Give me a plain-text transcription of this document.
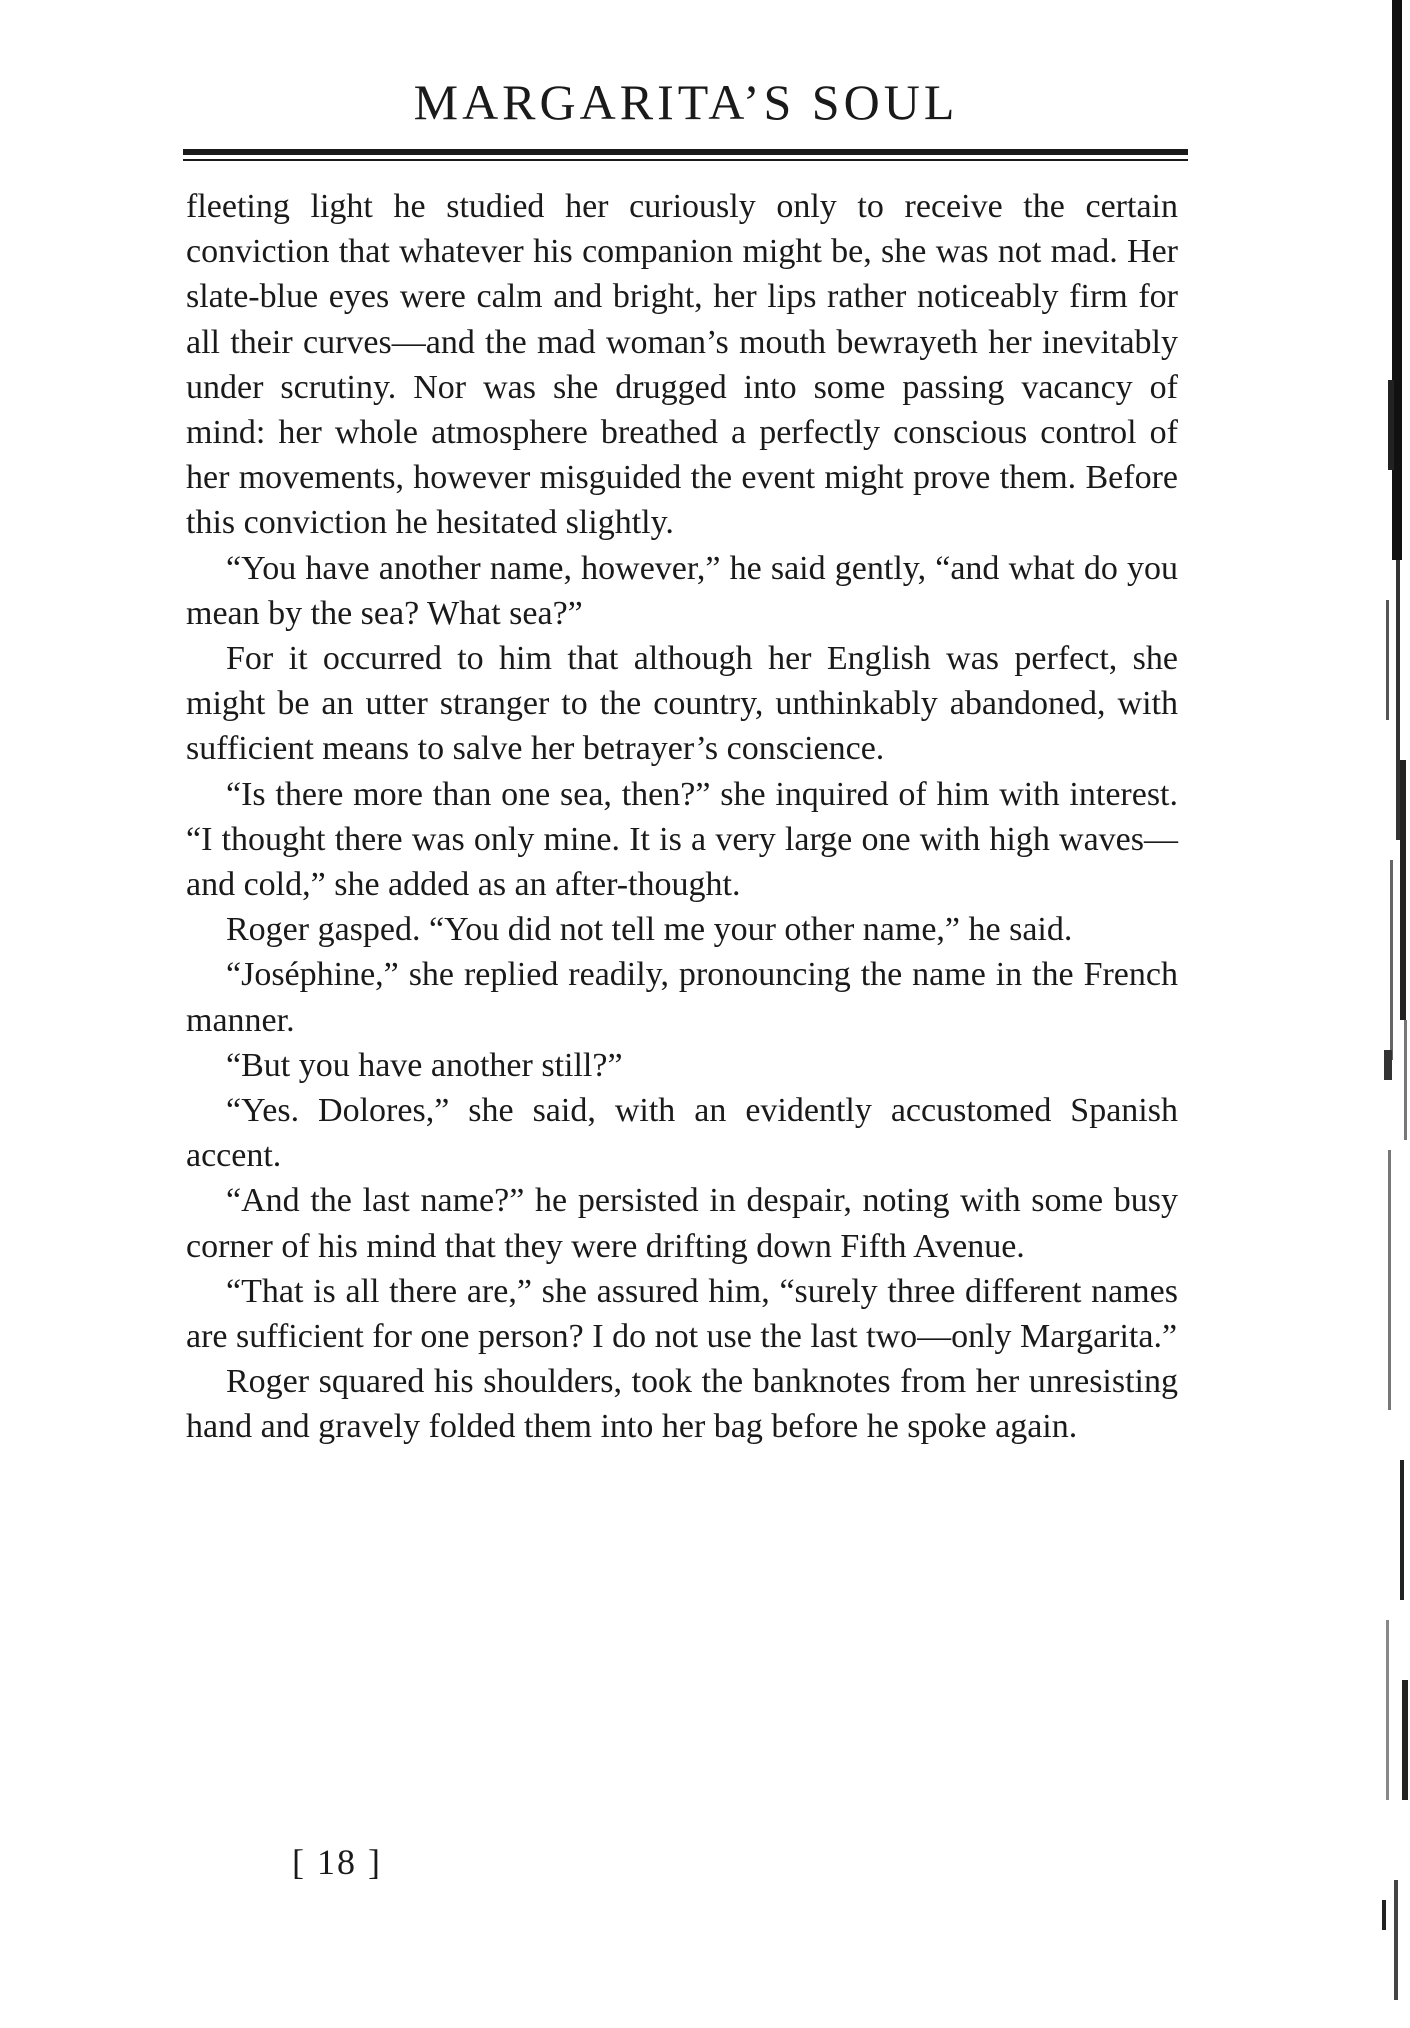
MARGARITA’S SOUL

fleeting light he studied her curiously only to receive the certain conviction that whatever his companion might be, she was not mad. Her slate-blue eyes were calm and bright, her lips rather noticeably firm for all their curves—and the mad woman’s mouth bewrayeth her inevitably under scrutiny. Nor was she drugged into some passing vacancy of mind: her whole atmosphere breathed a perfectly conscious control of her movements, however misguided the event might prove them. Before this conviction he hesitated slightly.

“You have another name, however,” he said gently, “and what do you mean by the sea? What sea?”

For it occurred to him that although her English was perfect, she might be an utter stranger to the country, unthinkably abandoned, with sufficient means to salve her betrayer’s conscience.

“Is there more than one sea, then?” she inquired of him with interest. “I thought there was only mine. It is a very large one with high waves—and cold,” she added as an after-thought.

Roger gasped. “You did not tell me your other name,” he said.

“Joséphine,” she replied readily, pronouncing the name in the French manner.

“But you have another still?”

“Yes. Dolores,” she said, with an evidently accustomed Spanish accent.

“And the last name?” he persisted in despair, noting with some busy corner of his mind that they were drifting down Fifth Avenue.

“That is all there are,” she assured him, “surely three different names are sufficient for one person? I do not use the last two—only Margarita.”

Roger squared his shoulders, took the banknotes from her unresisting hand and gravely folded them into her bag before he spoke again.

[ 18 ]
